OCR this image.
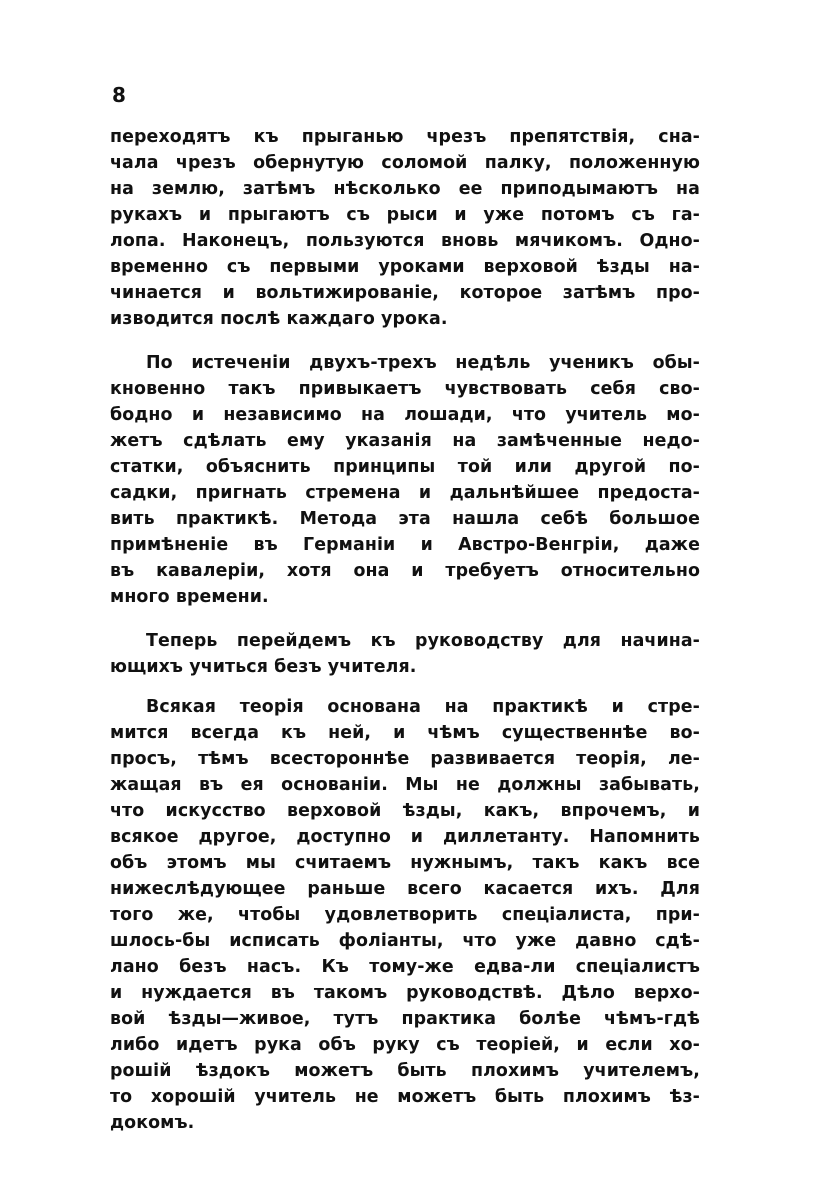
8
переходятъ къ прыганью чрезъ препятствія, сна-
чала чрезъ обернутую соломой палку, положенную
на землю, затѣмъ нѣсколько ее приподымаютъ на
рукахъ и прыгаютъ съ рыси и уже потомъ съ га-
лопа. Наконецъ, пользуются вновь мячикомъ. Одно-
временно съ первыми уроками верховой ѣзды на-
чинается и вольтижированіе, которое затѣмъ про-
изводится послѣ каждаго урока.
По истеченіи двухъ-трехъ недѣль ученикъ обы-
кновенно такъ привыкаетъ чувствовать себя сво-
бодно и независимо на лошади, что учитель мо-
жетъ сдѣлать ему указанія на замѣченные недо-
статки, объяснить принципы той или другой по-
садки, пригнать стремена и дальнѣйшее предоста-
вить практикѣ. Метода эта нашла себѣ большое
примѣненіе въ Германіи и Австро-Венгріи, даже
въ кавалеріи, хотя она и требуетъ относительно
много времени.
Теперь перейдемъ къ руководству для начина-
ющихъ учиться безъ учителя.
Всякая теорія основана на практикѣ и стре-
мится всегда къ ней, и чѣмъ существеннѣе во-
просъ, тѣмъ всестороннѣе развивается теорія, ле-
жащая въ ея основаніи. Мы не должны забывать,
что искусство верховой ѣзды, какъ, впрочемъ, и
всякое другое, доступно и диллетанту. Напомнить
объ этомъ мы считаемъ нужнымъ, такъ какъ все
нижеслѣдующее раньше всего касается ихъ. Для
того же, чтобы удовлетворить спеціалиста, при-
шлось-бы исписать фоліанты, что уже давно сдѣ-
лано безъ насъ. Къ тому-же едва-ли спеціалистъ
и нуждается въ такомъ руководствѣ. Дѣло верхо-
вой ѣзды—живое, тутъ практика болѣе чѣмъ-гдѣ
либо идетъ рука объ руку съ теоріей, и если хо-
рошій ѣздокъ можетъ быть плохимъ учителемъ,
то хорошій учитель не можетъ быть плохимъ ѣз-
докомъ.
